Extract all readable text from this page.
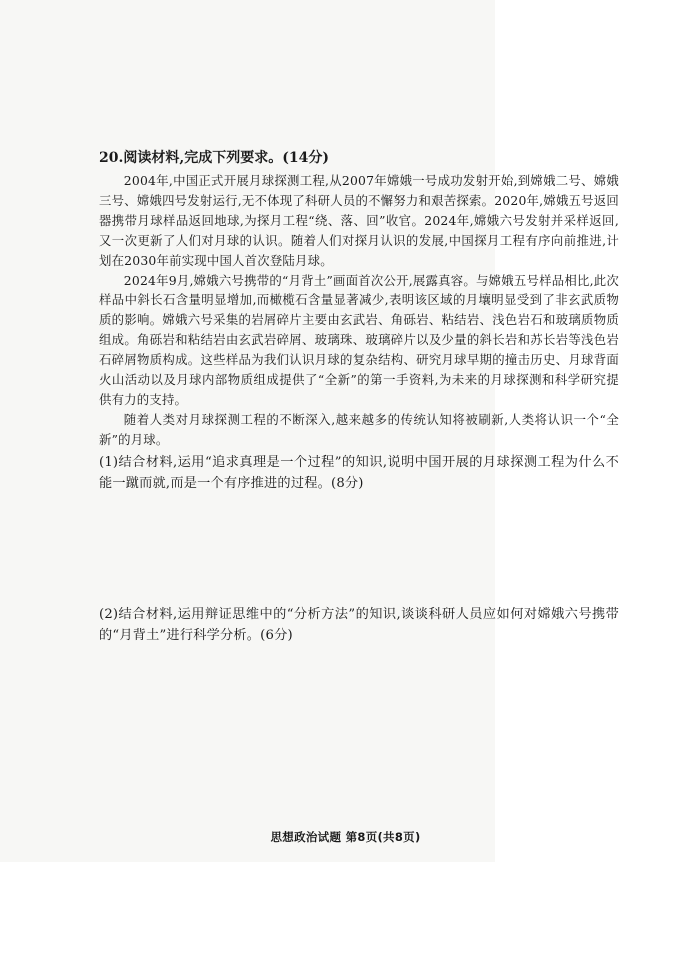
20.阅读材料,完成下列要求。(14分)

2004年,中国正式开展月球探测工程,从2007年嫦娥一号成功发射开始,到嫦娥二号、嫦娥三号、嫦娥四号发射运行,无不体现了科研人员的不懈努力和艰苦探索。2020年,嫦娥五号返回器携带月球样品返回地球,为探月工程“绕、落、回”收官。2024年,嫦娥六号发射并采样返回,又一次更新了人们对月球的认识。随着人们对探月认识的发展,中国探月工程有序向前推进,计划在2030年前实现中国人首次登陆月球。

2024年9月,嫦娥六号携带的“月背土”画面首次公开,展露真容。与嫦娥五号样品相比,此次样品中斜长石含量明显增加,而橄榄石含量显著减少,表明该区域的月壤明显受到了非玄武质物质的影响。嫦娥六号采集的岩屑碎片主要由玄武岩、角砾岩、粘结岩、浅色岩石和玻璃质物质组成。角砾岩和粘结岩由玄武岩碎屑、玻璃珠、玻璃碎片以及少量的斜长岩和苏长岩等浅色岩石碎屑物质构成。这些样品为我们认识月球的复杂结构、研究月球早期的撞击历史、月球背面火山活动以及月球内部物质组成提供了“全新”的第一手资料,为未来的月球探测和科学研究提供有力的支持。

随着人类对月球探测工程的不断深入,越来越多的传统认知将被刷新,人类将认识一个“全新”的月球。

(1)结合材料,运用“追求真理是一个过程”的知识,说明中国开展的月球探测工程为什么不能一蹴而就,而是一个有序推进的过程。(8分)

(2)结合材料,运用辩证思维中的“分析方法”的知识,谈谈科研人员应如何对嫦娥六号携带的“月背土”进行科学分析。(6分)

思想政治试题 第8页(共8页)
